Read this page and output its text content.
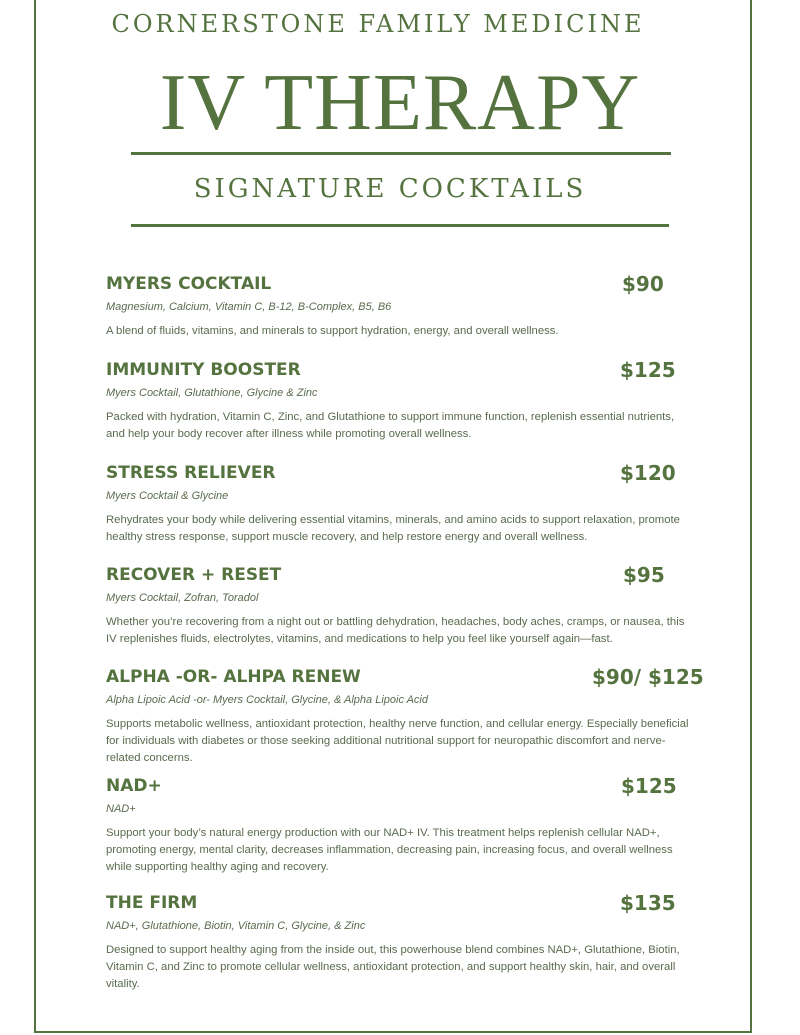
CORNERSTONE FAMILY MEDICINE
IV THERAPY
SIGNATURE COCKTAILS
MYERS COCKTAIL	$90
Magnesium, Calcium, Vitamin C, B-12, B-Complex, B5, B6
A blend of fluids, vitamins, and minerals to support hydration, energy, and overall wellness.
IMMUNITY BOOSTER	$125
Myers Cocktail, Glutathione, Glycine & Zinc
Packed with hydration, Vitamin C, Zinc, and Glutathione to support immune function, replenish essential nutrients, and help your body recover after illness while promoting overall wellness.
STRESS RELIEVER	$120
Myers Cocktail & Glycine
Rehydrates your body while delivering essential vitamins, minerals, and amino acids to support relaxation, promote healthy stress response, support muscle recovery, and help restore energy and overall wellness.
RECOVER + RESET	$95
Myers Cocktail, Zofran, Toradol
Whether you’re recovering from a night out or battling dehydration, headaches, body aches, cramps, or nausea, this IV replenishes fluids, electrolytes, vitamins, and medications to help you feel like yourself again—fast.
ALPHA -OR- ALHPA RENEW	$90/ $125
Alpha Lipoic Acid -or- Myers Cocktail, Glycine, & Alpha Lipoic Acid
Supports metabolic wellness, antioxidant protection, healthy nerve function, and cellular energy. Especially beneficial for individuals with diabetes or those seeking additional nutritional support for neuropathic discomfort and nerve-related concerns.
NAD+	$125
NAD+
Support your body’s natural energy production with our NAD+ IV. This treatment helps replenish cellular NAD+, promoting energy, mental clarity, decreases inflammation, decreasing pain, increasing focus, and overall wellness while supporting healthy aging and recovery.
THE FIRM	$135
NAD+, Glutathione, Biotin, Vitamin C, Glycine, & Zinc
Designed to support healthy aging from the inside out, this powerhouse blend combines NAD+, Glutathione, Biotin, Vitamin C, and Zinc to promote cellular wellness, antioxidant protection, and support healthy skin, hair, and overall vitality.
